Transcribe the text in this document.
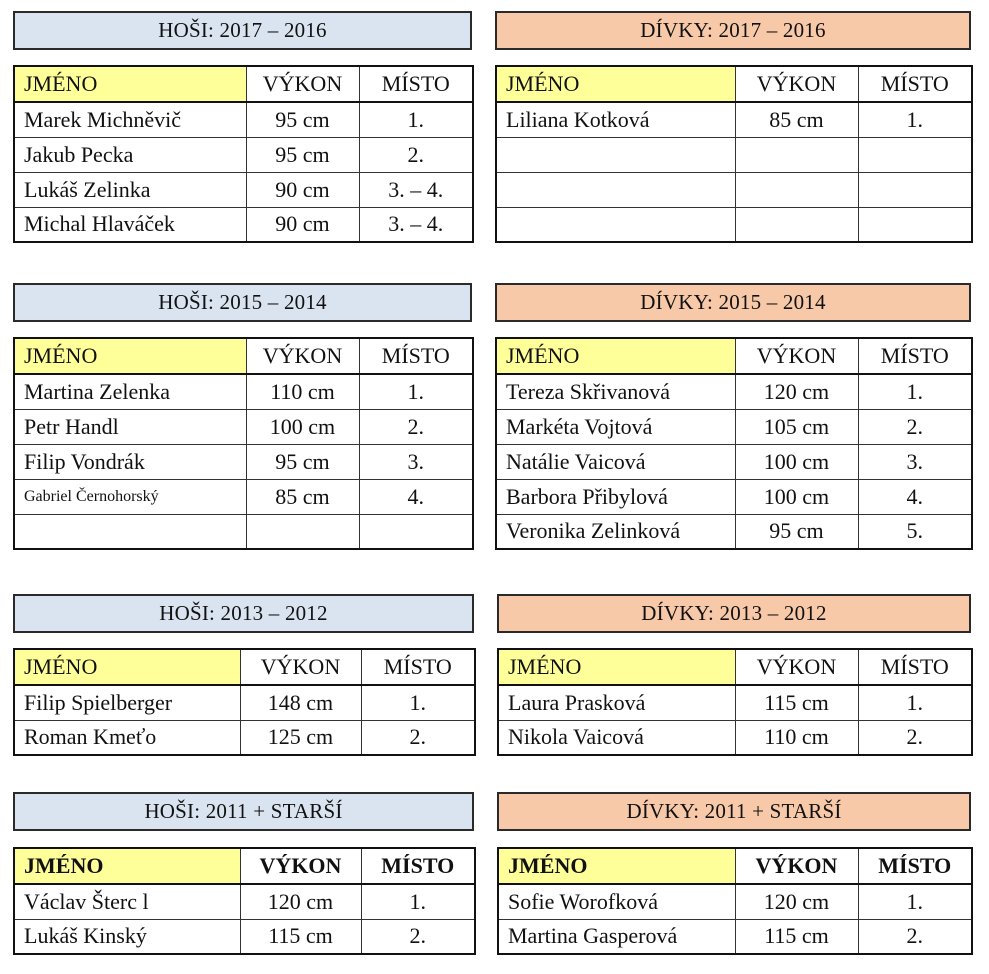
HOŠI: 2017 – 2016	DÍVKY: 2017 – 2016
JMÉNO	VÝKON	MÍSTO
Marek Michněvič	95 cm	1.
Jakub Pecka	95 cm	2.
Lukáš Zelinka	90 cm	3. – 4.
Michal Hlaváček	90 cm	3. – 4.
JMÉNO	VÝKON	MÍSTO
Liliana Kotková	85 cm	1.

HOŠI: 2015 – 2014	DÍVKY: 2015 – 2014
JMÉNO	VÝKON	MÍSTO
Martina Zelenka	110 cm	1.
Petr Handl	100 cm	2.
Filip Vondrák	95 cm	3.
Gabriel Černohorský	85 cm	4.

JMÉNO	VÝKON	MÍSTO
Tereza Skřivanová	120 cm	1.
Markéta Vojtová	105 cm	2.
Natálie Vaicová	100 cm	3.
Barbora Přibylová	100 cm	4.
Veronika Zelinková	95 cm	5.
HOŠI: 2013 – 2012	DÍVKY: 2013 – 2012
JMÉNO	VÝKON	MÍSTO
Filip Spielberger	148 cm	1.
Roman Kmeťo	125 cm	2.
JMÉNO	VÝKON	MÍSTO
Laura Prasková	115 cm	1.
Nikola Vaicová	110 cm	2.
HOŠI: 2011 + STARŠÍ	DÍVKY: 2011 + STARŠÍ
JMÉNO	VÝKON	MÍSTO
Václav Šterc l	120 cm	1.
Lukáš Kinský	115 cm	2.
JMÉNO	VÝKON	MÍSTO
Sofie Worofková	120 cm	1.
Martina Gasperová	115 cm	2.
